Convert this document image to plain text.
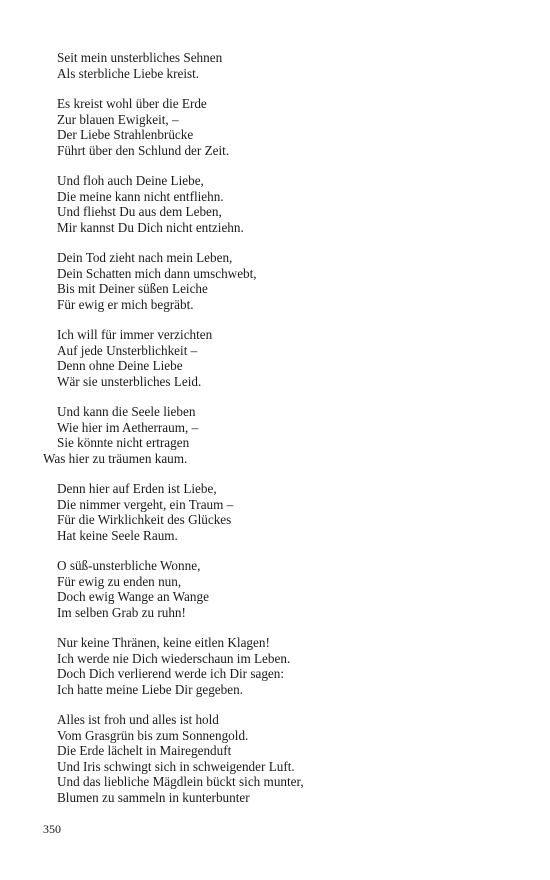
Seit mein unsterbliches Sehnen
Als sterbliche Liebe kreist.
Es kreist wohl über die Erde
Zur blauen Ewigkeit, –
Der Liebe Strahlenbrücke
Führt über den Schlund der Zeit.
Und floh auch Deine Liebe,
Die meine kann nicht entfliehn.
Und fliehst Du aus dem Leben,
Mir kannst Du Dich nicht entziehn.
Dein Tod zieht nach mein Leben,
Dein Schatten mich dann umschwebt,
Bis mit Deiner süßen Leiche
Für ewig er mich begräbt.
Ich will für immer verzichten
Auf jede Unsterblichkeit –
Denn ohne Deine Liebe
Wär sie unsterbliches Leid.
Und kann die Seele lieben
Wie hier im Aetherraum, –
Sie könnte nicht ertragen
Was hier zu träumen kaum.
Denn hier auf Erden ist Liebe,
Die nimmer vergeht, ein Traum –
Für die Wirklichkeit des Glückes
Hat keine Seele Raum.
O süß-unsterbliche Wonne,
Für ewig zu enden nun,
Doch ewig Wange an Wange
Im selben Grab zu ruhn!
Nur keine Thränen, keine eitlen Klagen!
Ich werde nie Dich wiederschaun im Leben.
Doch Dich verlierend werde ich Dir sagen:
Ich hatte meine Liebe Dir gegeben.
Alles ist froh und alles ist hold
Vom Grasgrün bis zum Sonnengold.
Die Erde lächelt in Mairegenduft
Und Iris schwingt sich in schweigender Luft.
Und das liebliche Mägdlein bückt sich munter,
Blumen zu sammeln in kunterbunter
350
